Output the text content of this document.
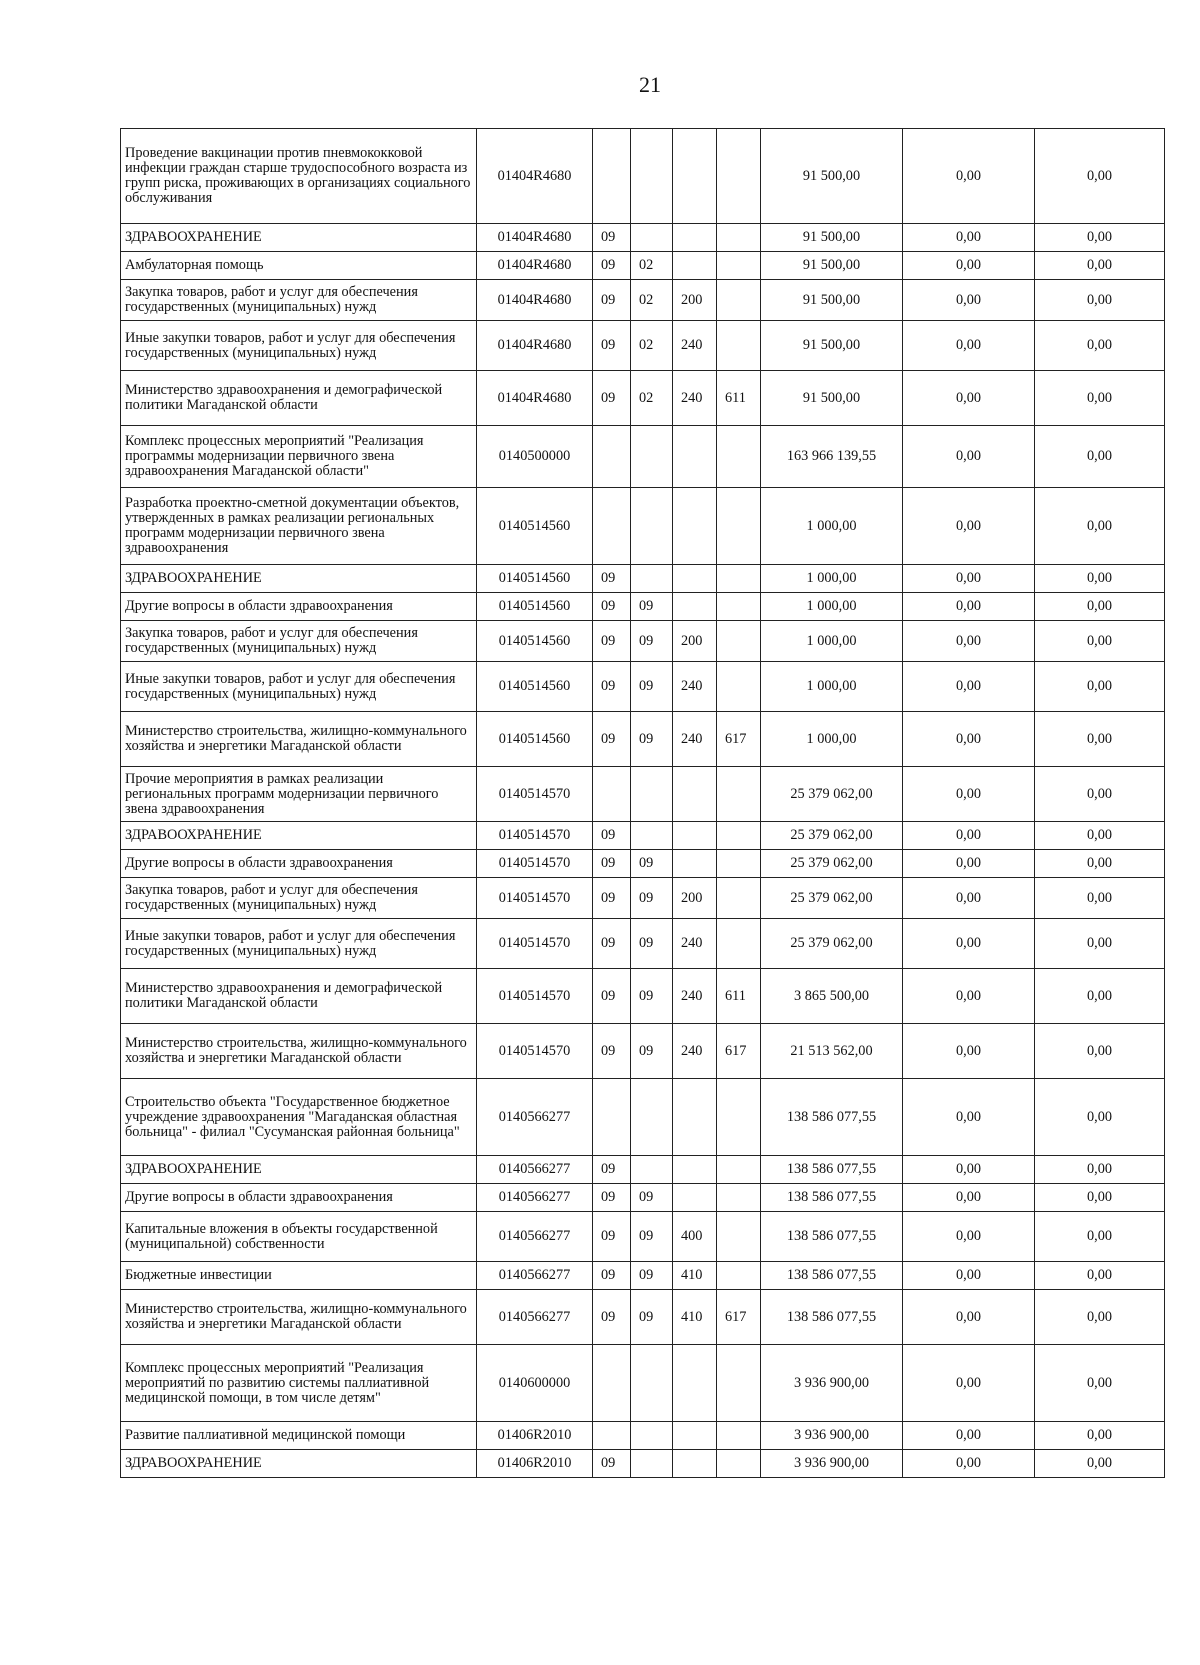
21
Проведение вакцинации против пневмококковой инфекции граждан старше трудоспособного возраста из групп риска, проживающих в организациях социального обслуживания	01404R4680					91 500,00	0,00	0,00
ЗДРАВООХРАНЕНИЕ	01404R4680	09				91 500,00	0,00	0,00
Амбулаторная помощь	01404R4680	09	02			91 500,00	0,00	0,00
Закупка товаров, работ и услуг для обеспечения государственных (муниципальных) нужд	01404R4680	09	02	200		91 500,00	0,00	0,00
Иные закупки товаров, работ и услуг для обеспечения государственных (муниципальных) нужд	01404R4680	09	02	240		91 500,00	0,00	0,00
Министерство здравоохранения и демографической политики Магаданской области	01404R4680	09	02	240	611	91 500,00	0,00	0,00
Комплекс процессных мероприятий "Реализация программы модернизации первичного звена здравоохранения Магаданской области"	0140500000					163 966 139,55	0,00	0,00
Разработка проектно-сметной документации объектов, утвержденных в рамках реализации региональных программ модернизации первичного звена здравоохранения	0140514560					1 000,00	0,00	0,00
ЗДРАВООХРАНЕНИЕ	0140514560	09				1 000,00	0,00	0,00
Другие вопросы в области здравоохранения	0140514560	09	09			1 000,00	0,00	0,00
Закупка товаров, работ и услуг для обеспечения государственных (муниципальных) нужд	0140514560	09	09	200		1 000,00	0,00	0,00
Иные закупки товаров, работ и услуг для обеспечения государственных (муниципальных) нужд	0140514560	09	09	240		1 000,00	0,00	0,00
Министерство строительства, жилищно-коммунального хозяйства и энергетики Магаданской области	0140514560	09	09	240	617	1 000,00	0,00	0,00
Прочие мероприятия в рамках реализации региональных программ модернизации первичного звена здравоохранения	0140514570					25 379 062,00	0,00	0,00
ЗДРАВООХРАНЕНИЕ	0140514570	09				25 379 062,00	0,00	0,00
Другие вопросы в области здравоохранения	0140514570	09	09			25 379 062,00	0,00	0,00
Закупка товаров, работ и услуг для обеспечения государственных (муниципальных) нужд	0140514570	09	09	200		25 379 062,00	0,00	0,00
Иные закупки товаров, работ и услуг для обеспечения государственных (муниципальных) нужд	0140514570	09	09	240		25 379 062,00	0,00	0,00
Министерство здравоохранения и демографической политики Магаданской области	0140514570	09	09	240	611	3 865 500,00	0,00	0,00
Министерство строительства, жилищно-коммунального хозяйства и энергетики Магаданской области	0140514570	09	09	240	617	21 513 562,00	0,00	0,00
Строительство объекта "Государственное бюджетное учреждение здравоохранения "Магаданская областная больница" - филиал "Сусуманская районная больница"	0140566277					138 586 077,55	0,00	0,00
ЗДРАВООХРАНЕНИЕ	0140566277	09				138 586 077,55	0,00	0,00
Другие вопросы в области здравоохранения	0140566277	09	09			138 586 077,55	0,00	0,00
Капитальные вложения в объекты государственной (муниципальной) собственности	0140566277	09	09	400		138 586 077,55	0,00	0,00
Бюджетные инвестиции	0140566277	09	09	410		138 586 077,55	0,00	0,00
Министерство строительства, жилищно-коммунального хозяйства и энергетики Магаданской области	0140566277	09	09	410	617	138 586 077,55	0,00	0,00
Комплекс процессных мероприятий "Реализация мероприятий по развитию системы паллиативной медицинской помощи, в том числе детям"	0140600000					3 936 900,00	0,00	0,00
Развитие паллиативной медицинской помощи	01406R2010					3 936 900,00	0,00	0,00
ЗДРАВООХРАНЕНИЕ	01406R2010	09				3 936 900,00	0,00	0,00
